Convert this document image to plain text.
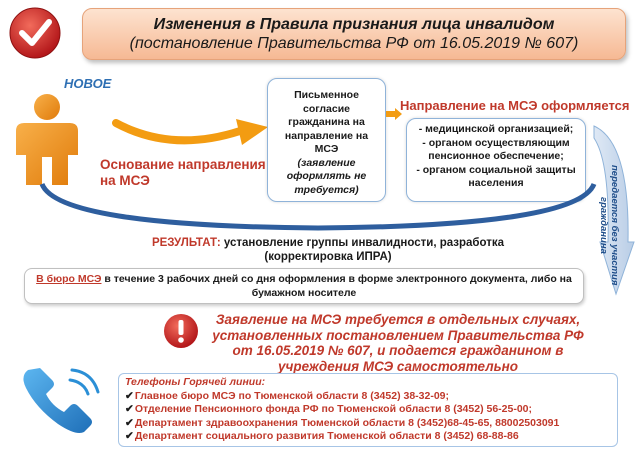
Изменения в Правила признания лица инвалидом (постановление Правительства РФ от 16.05.2019 № 607)
НОВОЕ
Основание направления на МСЭ
Письменное согласие гражданина на направление на МСЭ
(заявление оформлять не требуется)
Направление на МСЭ оформляется
- медицинской организацией;
- органом осуществляющим пенсионное обеспечение;
- органом социальной защиты населения	передается без участия гражданина
РЕЗУЛЬТАТ: установление группы инвалидности, разработка (корректировка ИПРА)
В бюро МСЭ в течение 3 рабочих дней со дня оформления в форме электронного документа, либо на бумажном носителе
Заявление на МСЭ требуется в отдельных случаях, установленных постановлением Правительства РФ от 16.05.2019 № 607, и подается гражданином в учреждения МСЭ самостоятельно
Телефоны Горячей линии:
✔ Главное бюро МСЭ по Тюменской области 8 (3452) 38-32-09;
✔ Отделение Пенсионного фонда РФ по Тюменской области 8 (3452) 56-25-00;
✔ Департамент здравоохранения Тюменской области 8 (3452)68-45-65, 88002503091
✔ Департамент социального развития Тюменской области 8 (3452) 68-88-86
